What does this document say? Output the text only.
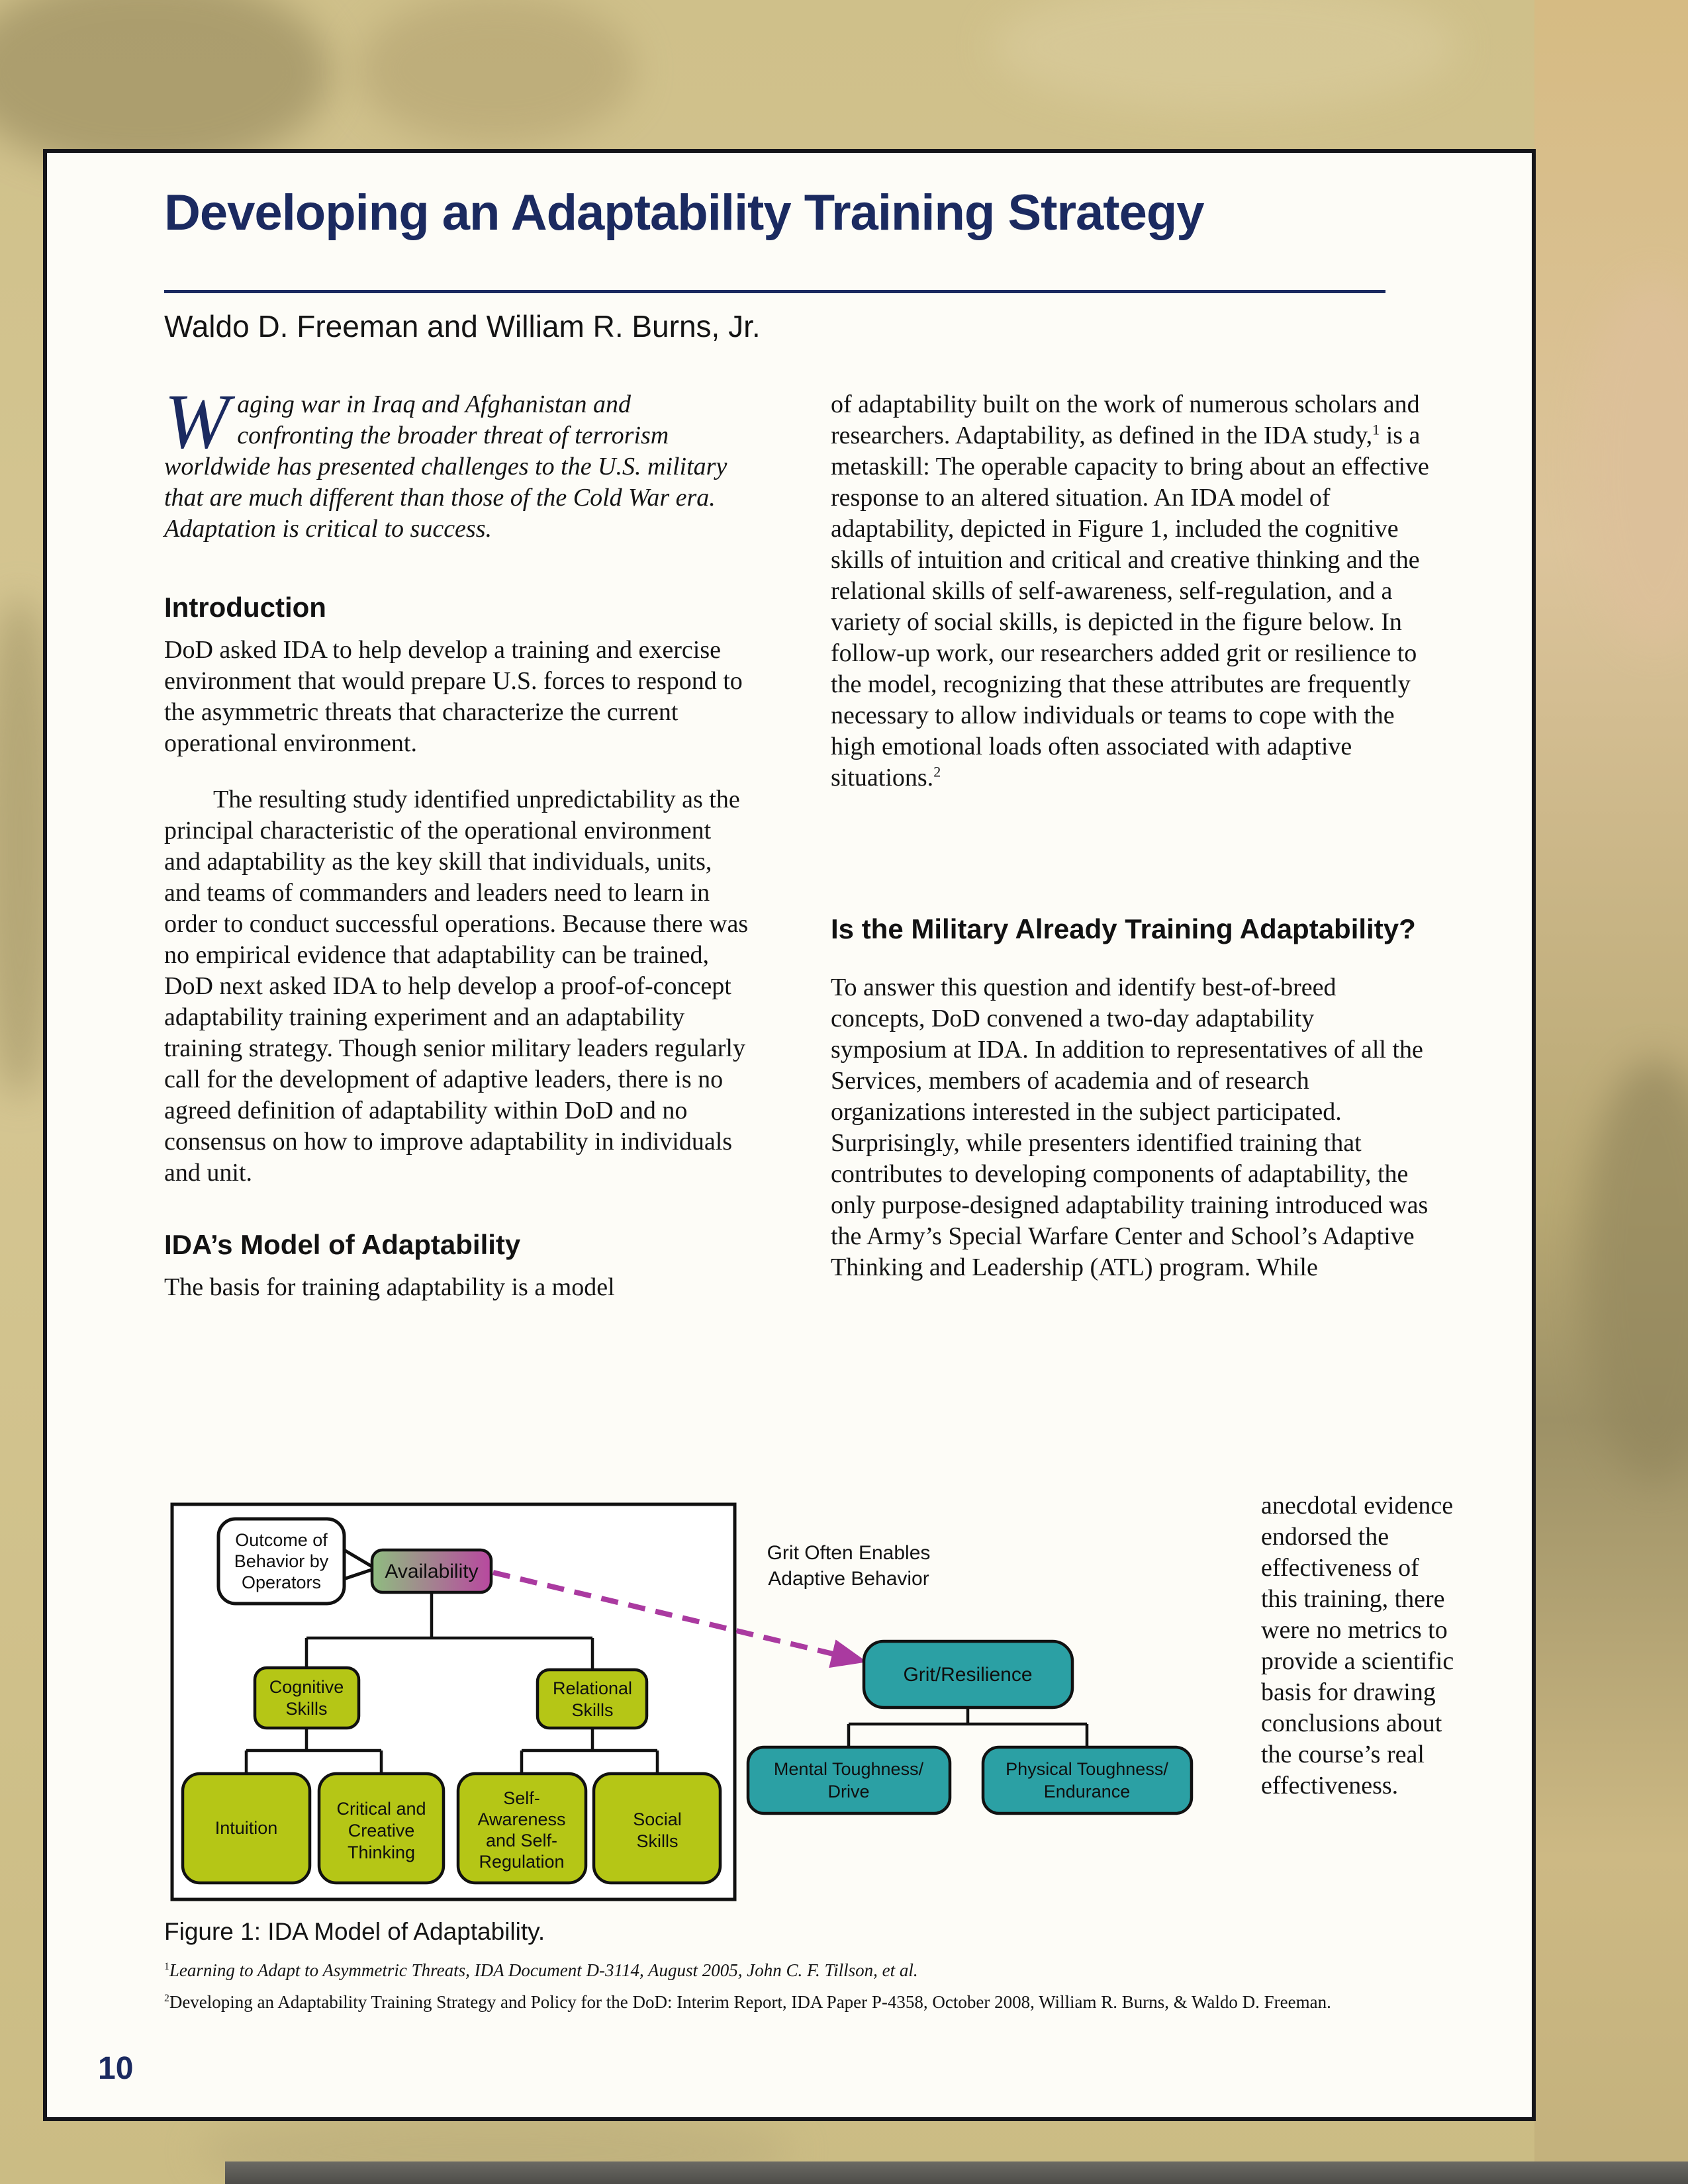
Developing an Adaptability Training Strategy
Waldo D. Freeman and William R. Burns, Jr.

Waging war in Iraq and Afghanistan and confronting the broader threat of terrorism worldwide has presented challenges to the U.S. military that are much different than those of the Cold War era. Adaptation is critical to success.

Introduction

DoD asked IDA to help develop a training and exercise environment that would prepare U.S. forces to respond to the asymmetric threats that characterize the current operational environment.

The resulting study identified unpredictability as the principal characteristic of the operational environment and adaptability as the key skill that individuals, units, and teams of commanders and leaders need to learn in order to conduct successful operations. Because there was no empirical evidence that adaptability can be trained, DoD next asked IDA to help develop a proof-of-concept adaptability training experiment and an adaptability training strategy. Though senior military leaders regularly call for the development of adaptive leaders, there is no agreed definition of adaptability within DoD and no consensus on how to improve adaptability in individuals and unit.

IDA’s Model of Adaptability

The basis for training adaptability is a model

of adaptability built on the work of numerous scholars and researchers. Adaptability, as defined in the IDA study,$^1$ is a metaskill: The operable capacity to bring about an effective response to an altered situation. An IDA model of adaptability, depicted in Figure 1, included the cognitive skills of intuition and critical and creative thinking and the relational skills of self-awareness, self-regulation, and a variety of social skills, is depicted in the figure below. In follow-up work, our researchers added grit or resilience to the model, recognizing that these attributes are frequently necessary to allow individuals or teams to cope with the high emotional loads often associated with adaptive situations.$^2$

Is the Military Already Training Adaptability?

To answer this question and identify best-of-breed concepts, DoD convened a two-day adaptability symposium at IDA. In addition to representatives of all the Services, members of academia and of research organizations interested in the subject participated. Surprisingly, while presenters identified training that contributes to developing components of adaptability, the only purpose-designed adaptability training introduced was the Army’s Special Warfare Center and School’s Adaptive Thinking and Leadership (ATL) program. While

anecdotal evidence endorsed the effectiveness of this training, there were no metrics to provide a scientific basis for drawing conclusions about the course’s real effectiveness.
Outcome of
Behavior by
Operators	Availability
Cognitive
Skills
Relational
Skills
Intuition
Critical and
Creative
Thinking
Self-
Awareness
and Self-
Regulation
Social
Skills
Grit Often Enables
Adaptive Behavior
Grit/Resilience
Mental Toughness/
Drive
Physical Toughness/
Endurance
Figure 1: IDA Model of Adaptability.

$^1$Learning to Adapt to Asymmetric Threats, IDA Document D-3114, August 2005, John C. F. Tillson, et al.

$^2$Developing an Adaptability Training Strategy and Policy for the DoD: Interim Report, IDA Paper P-4358, October 2008, William R. Burns, & Waldo D. Freeman.

10
